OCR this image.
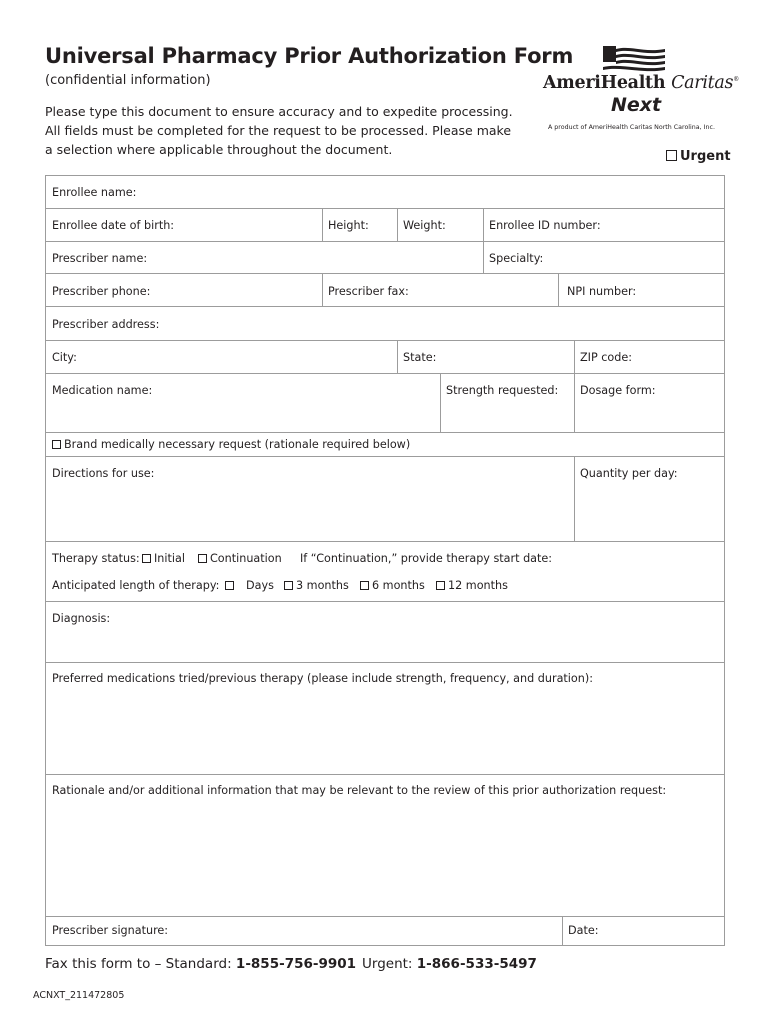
Universal Pharmacy Prior Authorization Form
(confidential information)
Please type this document to ensure accuracy and to expedite processing.
All fields must be completed for the request to be processed. Please make
a selection where applicable throughout the document.
AmeriHealth Caritas®
Next
A product of AmeriHealth Caritas North Carolina, Inc.
Urgent
Enrollee name:
Enrollee date of birth:	Height:	Weight:	Enrollee ID number:
Prescriber name:	Specialty:
Prescriber phone:	Prescriber fax:	NPI number:
Prescriber address:
City:	State:	ZIP code:
Medication name:	Strength requested: Dosage form:
Brand medically necessary request (rationale required below)
Directions for use:	Quantity per day:
Therapy status:	Initial	Continuation If “Continuation,” provide therapy start date:
Anticipated length of therapy:	Days	3 months	6 months	12 months
Diagnosis:
Preferred medications tried/previous therapy (please include strength, frequency, and duration):
Rationale and/or additional information that may be relevant to the review of this prior authorization request:
Prescriber signature:	Date:
Fax this form to – Standard: 1-855-756-9901 Urgent: 1-866-533-5497
ACNXT_211472805
